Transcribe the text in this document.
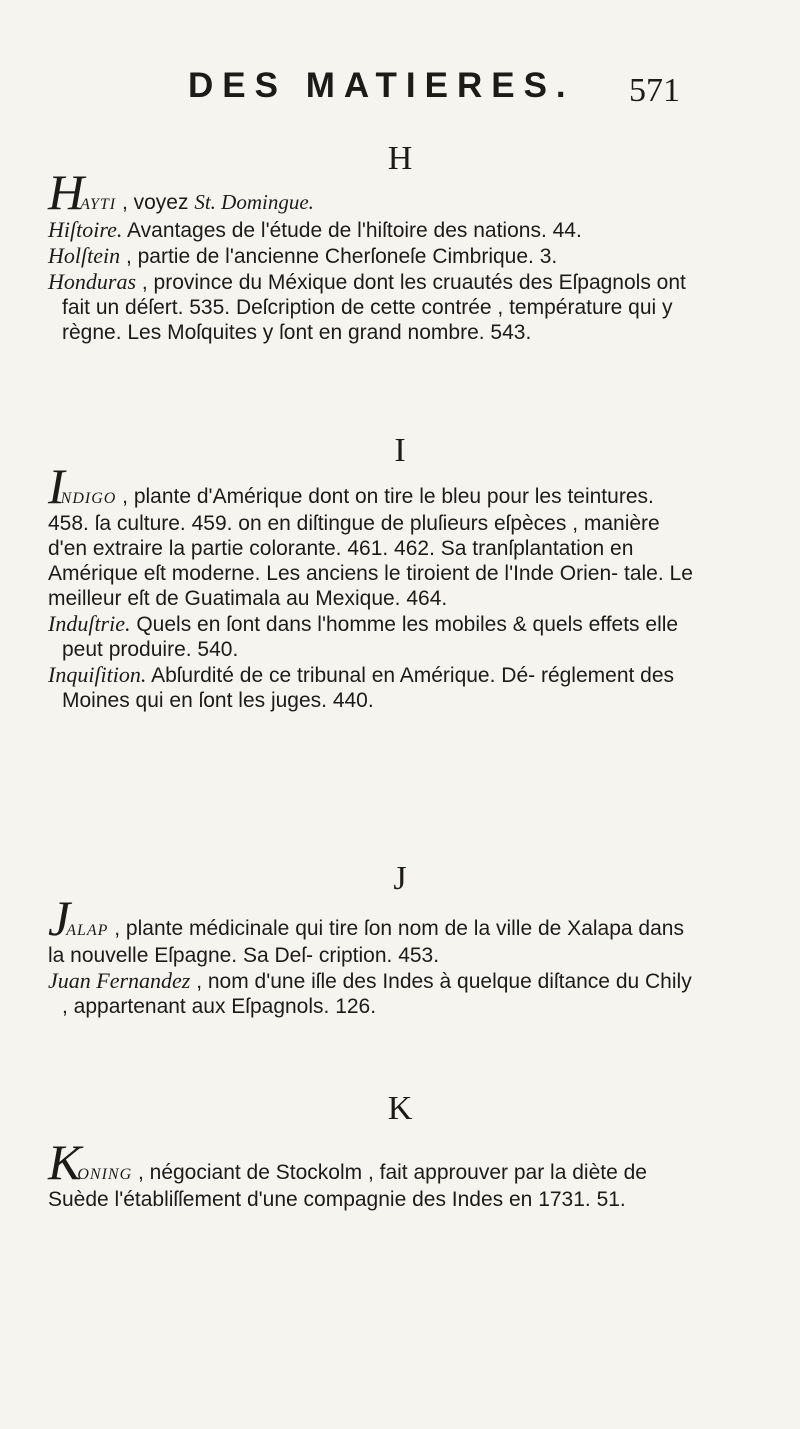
DES MATIERES. 571
H

HAYTI , voyez St. Domingue.

Hiſtoire. Avantages de l'étude de l'hiſtoire des nations. 44.

Holſtein , partie de l'ancienne Cherſoneſe Cimbrique. 3.

Honduras , province du Méxique dont les cruautés des Eſpagnols ont fait un déſert. 535. Deſcription de cette contrée , température qui y règne. Les Moſquites y ſont en grand nombre. 543.

I

INDIGO , plante d'Amérique dont on tire le bleu pour les teintures. 458. ſa culture. 459. on en diſtingue de pluſieurs eſpèces , manière d'en extraire la partie colorante. 461. 462. Sa tranſplantation en Amérique eſt moderne. Les anciens le tiroient de l'Inde Orien- tale. Le meilleur eſt de Guatimala au Mexique. 464.

Induſtrie. Quels en ſont dans l'homme les mobiles & quels effets elle peut produire. 540.

Inquiſition. Abſurdité de ce tribunal en Amérique. Dé- réglement des Moines qui en ſont les juges. 440.

J

JALAP , plante médicinale qui tire ſon nom de la ville de Xalapa dans la nouvelle Eſpagne. Sa Deſ- cription. 453.

Juan Fernandez , nom d'une iſle des Indes à quelque diſtance du Chily , appartenant aux Eſpagnols. 126.

K

KONING , négociant de Stockolm , fait approuver par la diète de Suède l'établiſſement d'une compagnie des Indes en 1731. 51.
